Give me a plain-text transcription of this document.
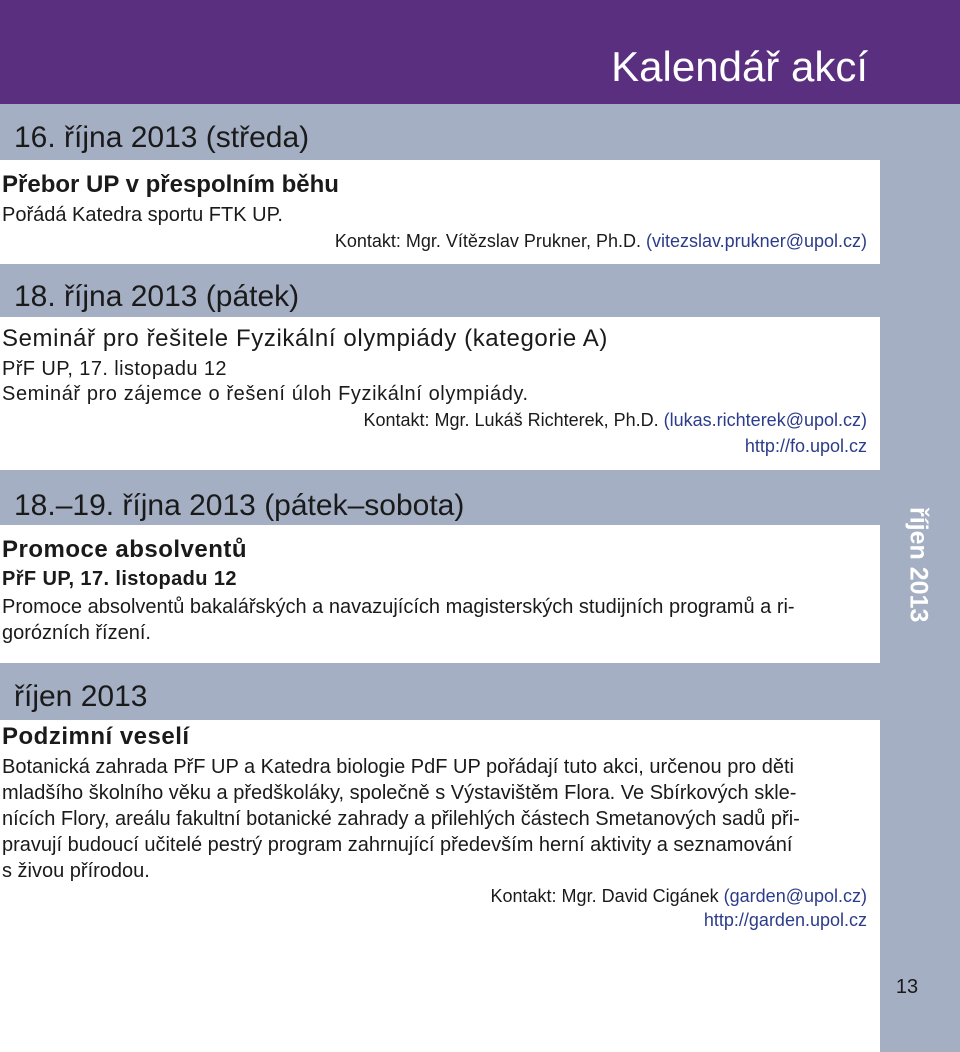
Kalendář akcí
říjen 2013
16. října 2013 (středa)
Přebor UP v přespolním běhu
Pořádá Katedra sportu FTK UP.
Kontakt: Mgr. Vítězslav Prukner, Ph.D. (vitezslav.prukner@upol.cz)
18. října 2013 (pátek)
Seminář pro řešitele Fyzikální olympiády (kategorie A)
PřF UP, 17. listopadu 12
Seminář pro zájemce o řešení úloh Fyzikální olympiády.
Kontakt: Mgr. Lukáš Richterek, Ph.D. (lukas.richterek@upol.cz)
http://fo.upol.cz
18.–19. října 2013 (pátek–sobota)
Promoce absolventů
PřF UP, 17. listopadu 12
Promoce absolventů bakalářských a navazujících magisterských studijních programů a ri-
gorózních řízení.
říjen 2013
Podzimní veselí
Botanická zahrada PřF UP a Katedra biologie PdF UP pořádají tuto akci, určenou pro děti
mladšího školního věku a předškoláky, společně s Výstavištěm Flora. Ve Sbírkových skle-
nících Flory, areálu fakultní botanické zahrady a přilehlých částech Smetanových sadů při-
pravují budoucí učitelé pestrý program zahrnující především herní aktivity a seznamování
s živou přírodou.
Kontakt: Mgr. David Cigánek (garden@upol.cz)
http://garden.upol.cz
13
